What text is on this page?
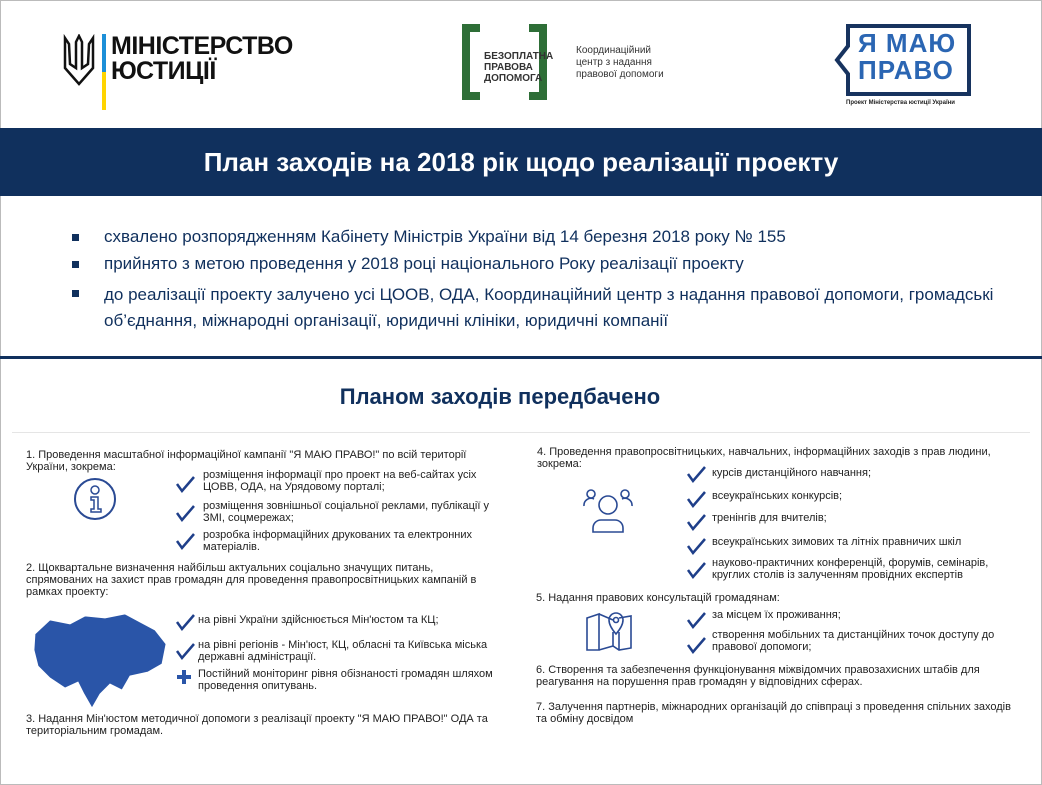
МІНІСТЕРСТВО
ЮСТИЦІЇ
БЕЗОПЛАТНА
ПРАВОВА
ДОПОМОГА
Координаційний
центр з надання
правової допомоги
Я МАЮ
ПРАВО
Проект Міністерства юстиції України
План заходів на 2018 рік щодо реалізації проекту
схвалено розпорядженням Кабінету Міністрів України від 14 березня 2018 року № 155
прийнято з метою проведення у 2018 році національного Року реалізації проекту
до реалізації проекту залучено усі ЦООВ, ОДА, Координаційний центр з надання правової допомоги, громадські об’єднання, міжнародні організації, юридичні клініки, юридичні компанії
Планом заходів передбачено
1. Проведення масштабної інформаційної кампанії "Я МАЮ ПРАВО!" по всій території України, зокрема:
розміщення інформації про проект на веб-сайтах усіх ЦОВВ, ОДА, на Урядовому порталі;
розміщення зовнішньої соціальної реклами, публікації у ЗМІ, соцмережах;
розробка інформаційних друкованих та електронних матеріалів.
2. Щоквартальне визначення найбільш актуальних соціально значущих питань, спрямованих на захист прав громадян для проведення правопросвітницьких кампаній в рамках проекту:
на рівні України здійснюється Мін'юстом та КЦ;
на рівні регіонів - Мін'юст, КЦ, обласні та Київська міська державні адміністрації.
Постійний моніторинг рівня обізнаності громадян шляхом проведення опитувань.
3. Надання Мін'юстом методичної допомоги з реалізації проекту "Я МАЮ ПРАВО!" ОДА та територіальним громадам.
4. Проведення правопросвітницьких, навчальних, інформаційних заходів з прав людини, зокрема:
курсів дистанційного навчання;
всеукраїнських конкурсів;
тренінгів для вчителів;
всеукраїнських зимових та літніх правничих шкіл
науково-практичних конференцій, форумів, семінарів, круглих столів із залученням провідних експертів
5. Надання правових консультацій громадянам:
за місцем їх проживання;
створення мобільних та дистанційних точок доступу до правової допомоги;
6. Створення та забезпечення функціонування міжвідомчих правозахисних штабів для реагування на порушення прав громадян у відповідних сферах.
7. Залучення партнерів, міжнародних організацій до співпраці з проведення спільних заходів та обміну досвідом
